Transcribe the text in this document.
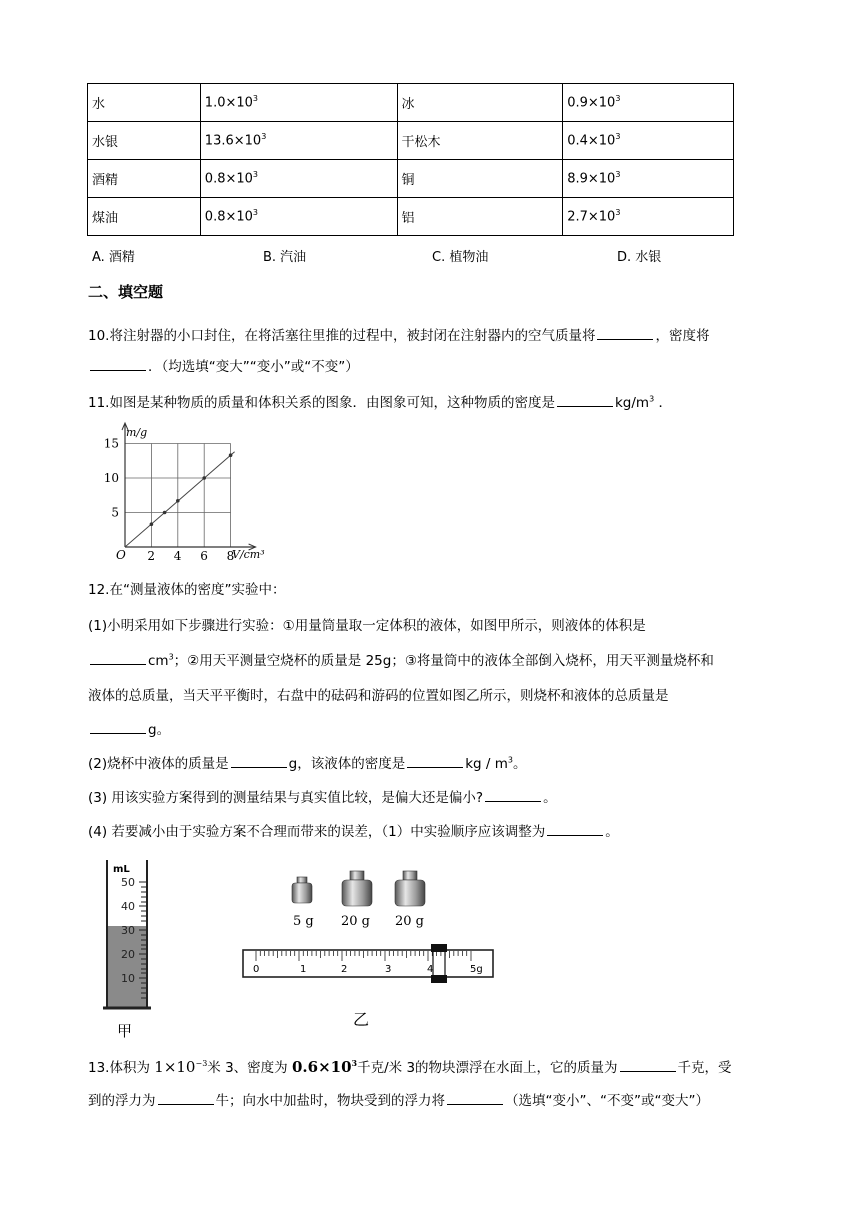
水	$1.0\times 10^3$	冰	$0.9\times 10^3$
水银	$13.6\times 10^3$	干松木	$0.4\times 10^3$
酒精	$0.8\times 10^3$	铜	$8.9\times 10^3$
煤油	$0.8\times 10^3$	铝	$2.7\times 10^3$
A. 酒精	B. 汽油	C. 植物油	D. 水银
二、填空题
10.将注射器的小口封住，在将活塞往里推的过程中，被封闭在注射器内的空气质量将	，密度将
．（均选填“变大”“变小”或“不变”）
11.如图是某种物质的质量和体积关系的图象．由图象可知，这种物质的密度是	$kg/m^3$ ．
2 4 6 8
5
10
15
m/g
V/cm³
O
12.在“测量液体的密度”实验中：
(1)小明采用如下步骤进行实验：①用量筒量取一定体积的液体，如图甲所示，则液体的体积是
$cm^3$；②用天平测量空烧杯的质量是 25g；③将量筒中的液体全部倒入烧杯，用天平测量烧杯和
液体的总质量，当天平平衡时，右盘中的砝码和游码的位置如图乙所示，则烧杯和液体的总质量是
g。
(2)烧杯中液体的质量是	g，该液体的密度是	kg / $m^3$。
(3) 用该实验方案得到的测量结果与真实值比较，是偏大还是偏小?	。
(4) 若要减小由于实验方案不合理而带来的误差，（1）中实验顺序应该调整为	。
mL
50
40
30
20
10
甲
5 g 20 g 20 g
0	1	2	3	4	5g
乙
13.体积为 $1\times 10^{-3}$米 3、密度为 $0.6\times 10^3$千克/米 3的物块漂浮在水面上，它的质量为	千克，受
到的浮力为	牛；向水中加盐时，物块受到的浮力将	（选填“变小”、“不变”或“变大”）
